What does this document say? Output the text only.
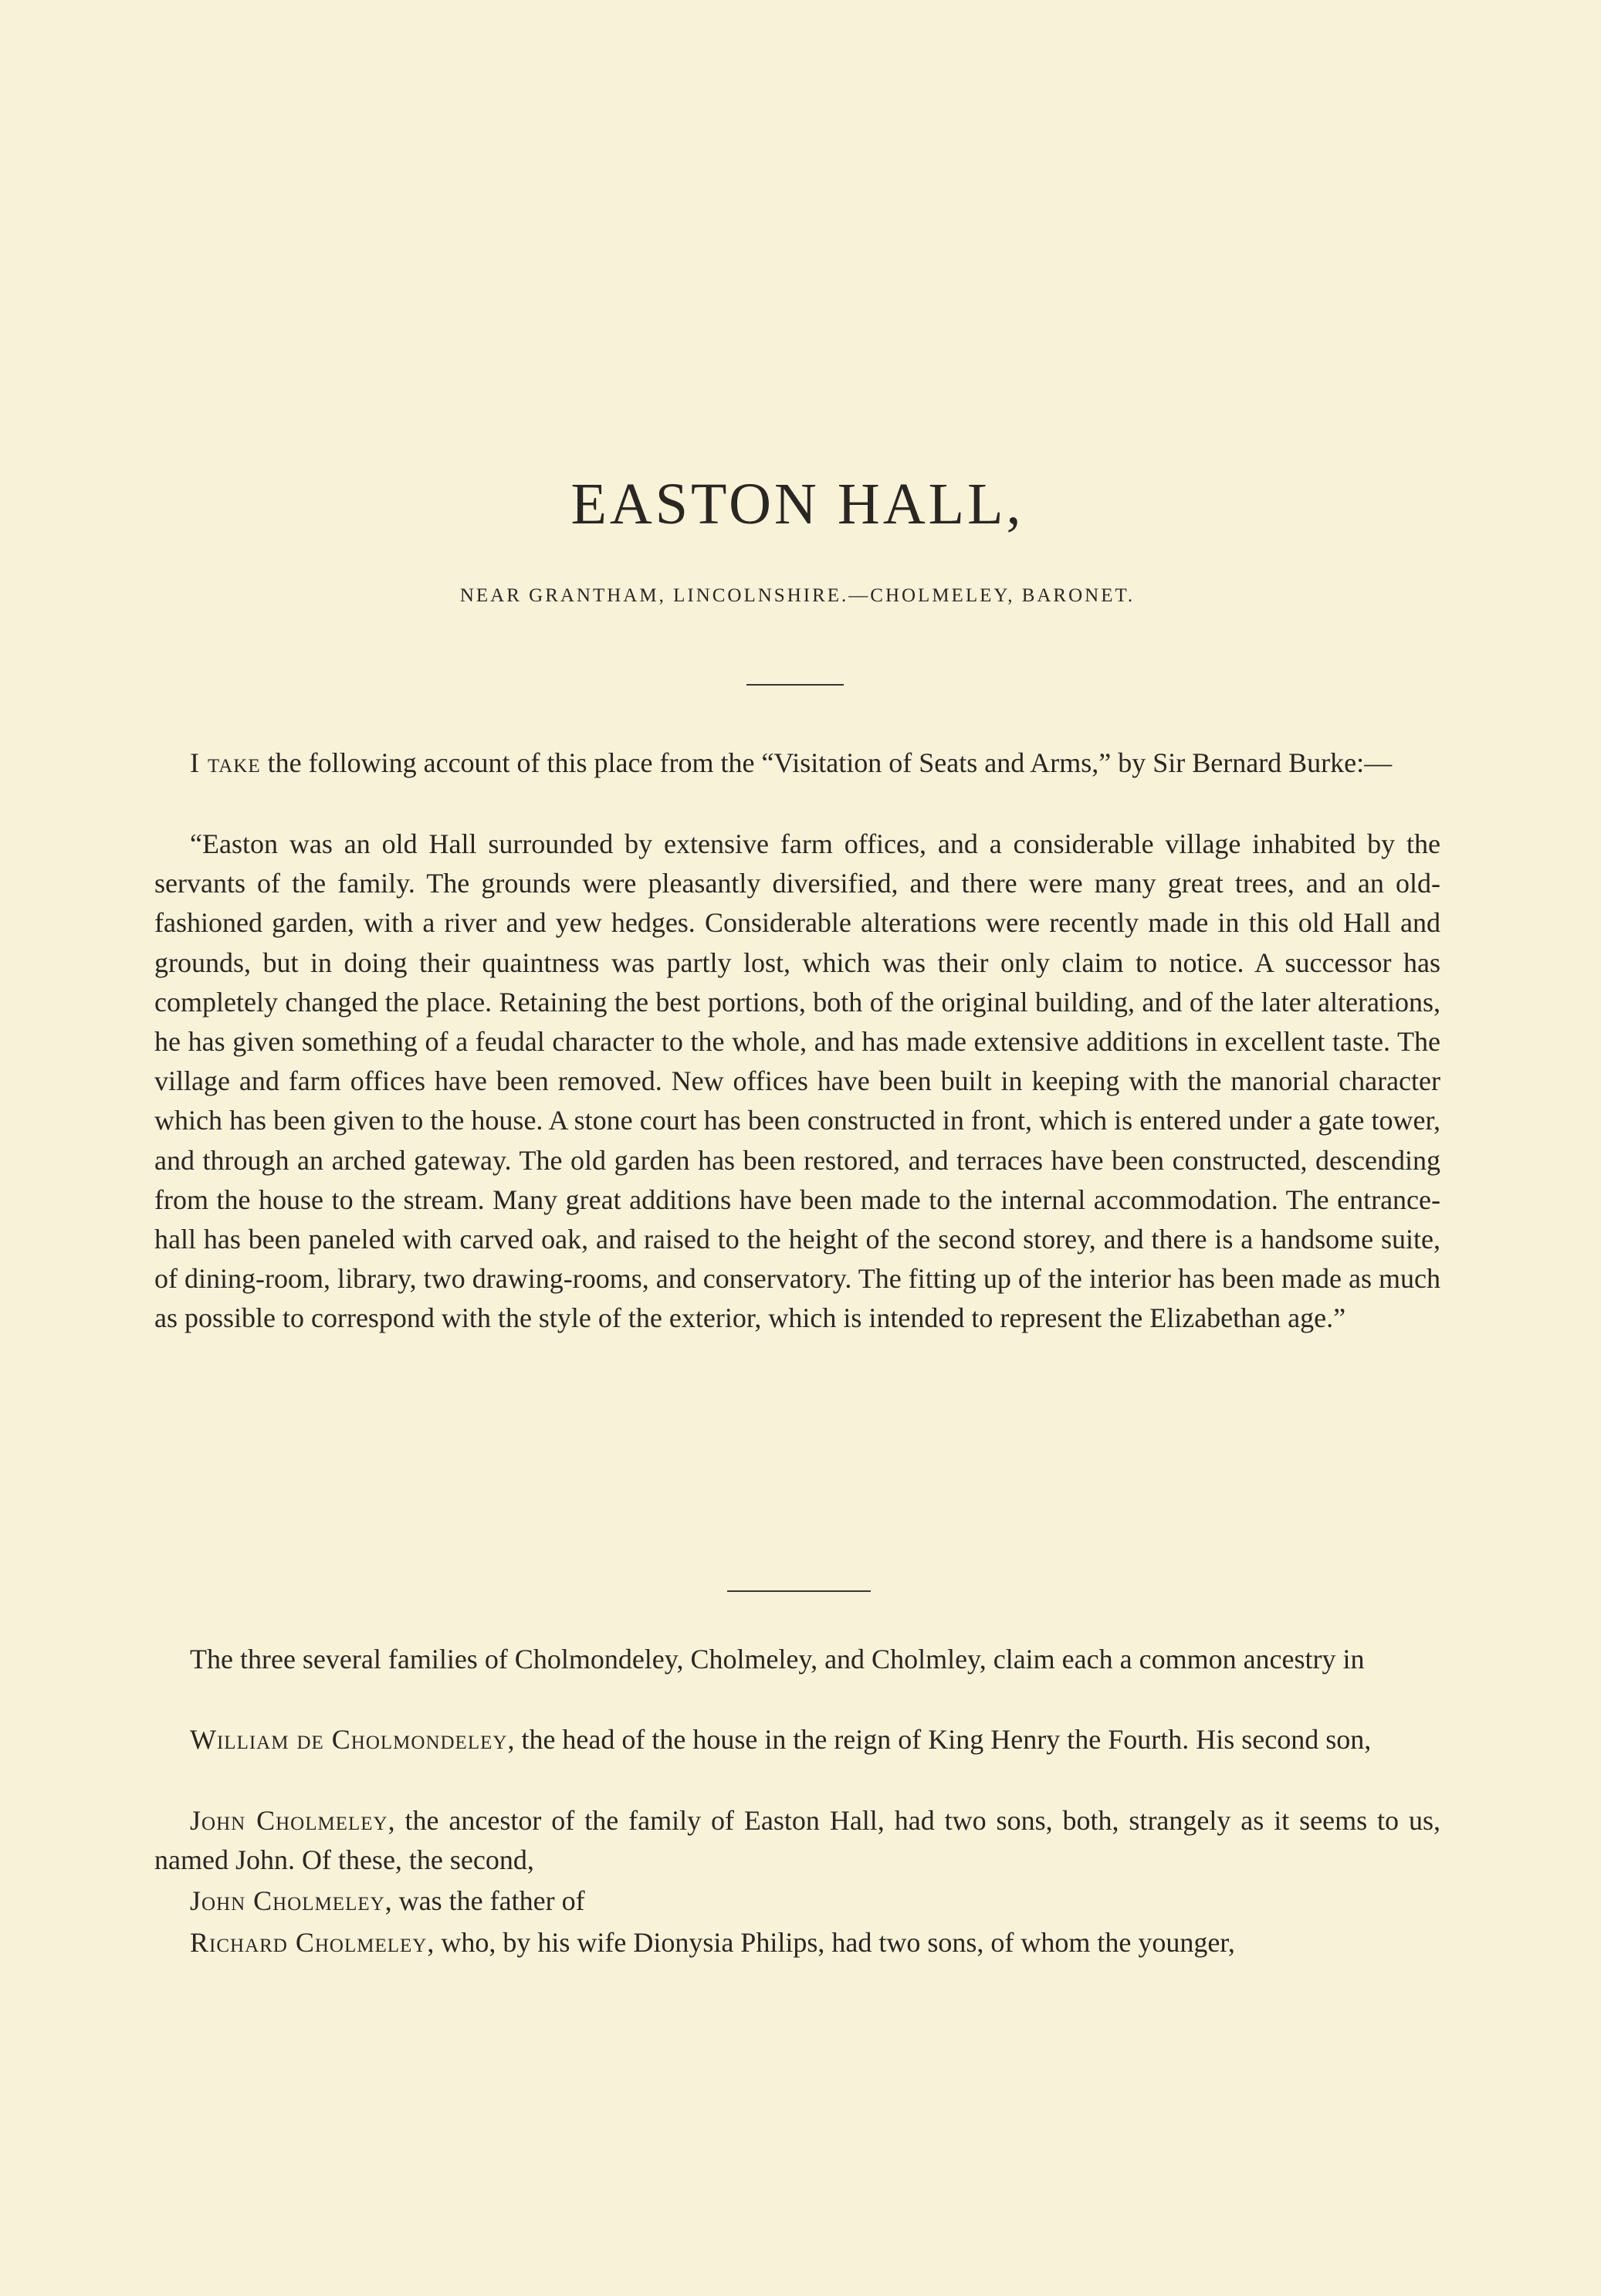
EASTON HALL,

NEAR GRANTHAM, LINCOLNSHIRE.—CHOLMELEY, BARONET.

I take the following account of this place from the “Visitation of Seats and Arms,” by Sir Bernard Burke:—

“Easton was an old Hall surrounded by extensive farm offices, and a considerable village inhabited by the servants of the family. The grounds were pleasantly diversified, and there were many great trees, and an old-fashioned garden, with a river and yew hedges. Considerable alterations were recently made in this old Hall and grounds, but in doing their quaintness was partly lost, which was their only claim to notice. A successor has completely changed the place. Retaining the best portions, both of the original building, and of the later alterations, he has given something of a feudal character to the whole, and has made extensive additions in excellent taste. The village and farm offices have been removed. New offices have been built in keeping with the manorial character which has been given to the house. A stone court has been constructed in front, which is entered under a gate tower, and through an arched gateway. The old garden has been restored, and terraces have been constructed, descending from the house to the stream. Many great additions have been made to the internal accommodation. The entrance-hall has been paneled with carved oak, and raised to the height of the second storey, and there is a handsome suite, of dining-room, library, two drawing-rooms, and conservatory. The fitting up of the interior has been made as much as possible to correspond with the style of the exterior, which is intended to represent the Elizabethan age.”

The three several families of Cholmondeley, Cholmeley, and Cholmley, claim each a common ancestry in

William de Cholmondeley, the head of the house in the reign of King Henry the Fourth. His second son,

John Cholmeley, the ancestor of the family of Easton Hall, had two sons, both, strangely as it seems to us, named John. Of these, the second,

John Cholmeley, was the father of

Richard Cholmeley, who, by his wife Dionysia Philips, had two sons, of whom the younger,
